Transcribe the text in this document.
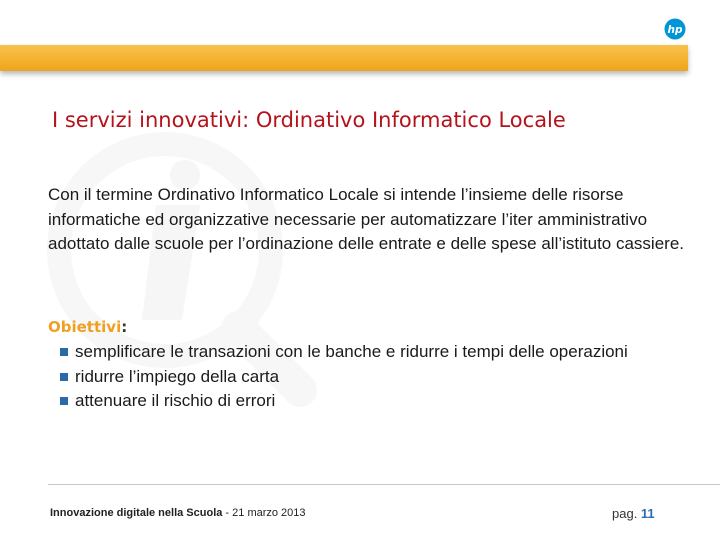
hp
I servizi innovativi: Ordinativo Informatico Locale

Con il termine Ordinativo Informatico Locale si intende l’insieme delle risorse informatiche ed organizzative necessarie per automatizzare l’iter amministrativo adottato dalle scuole per l’ordinazione delle entrate e delle spese all’istituto cassiere.

Obiettivi:
semplificare le transazioni con le banche e ridurre i tempi delle operazioni
ridurre l’impiego della carta
attenuare il rischio di errori
Innovazione digitale nella Scuola - 21 marzo 2013	pag. 11
